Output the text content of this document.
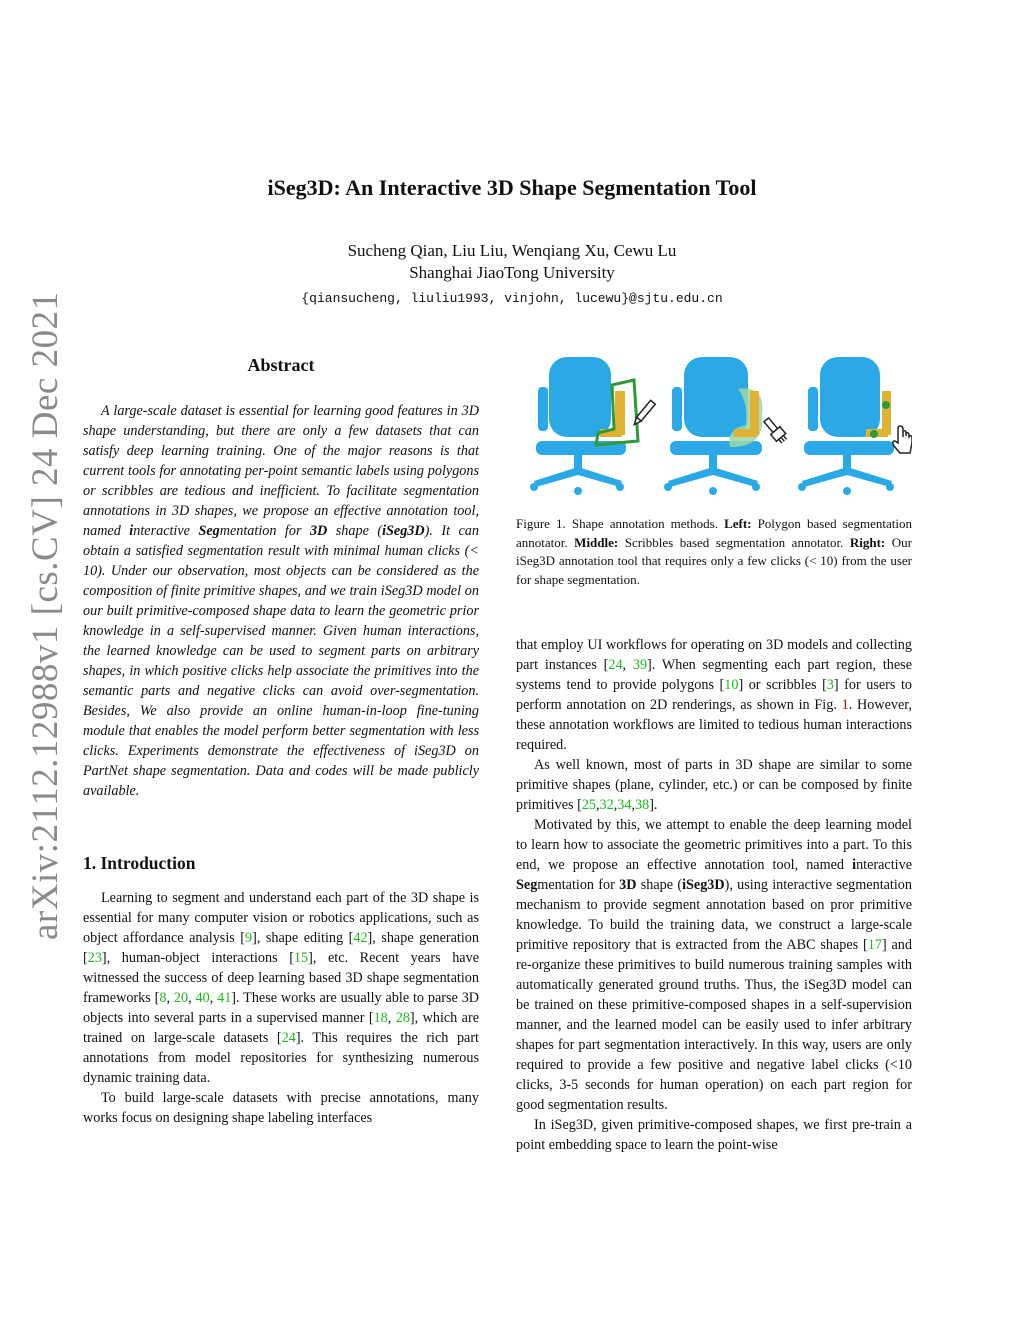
arXiv:2112.12988v1 [cs.CV] 24 Dec 2021
iSeg3D: An Interactive 3D Shape Segmentation Tool
Sucheng Qian, Liu Liu, Wenqiang Xu, Cewu Lu
Shanghai JiaoTong University
{qiansucheng, liuliu1993, vinjohn, lucewu}@sjtu.edu.cn
Abstract

A large-scale dataset is essential for learning good features in 3D shape understanding, but there are only a few datasets that can satisfy deep learning training. One of the major reasons is that current tools for annotating per-point semantic labels using polygons or scribbles are tedious and inefficient. To facilitate segmentation annotations in 3D shapes, we propose an effective annotation tool, named interactive Segmentation for 3D shape (iSeg3D). It can obtain a satisfied segmentation result with minimal human clicks (< 10). Under our observation, most objects can be considered as the composition of finite primitive shapes, and we train iSeg3D model on our built primitive-composed shape data to learn the geometric prior knowledge in a self-supervised manner. Given human interactions, the learned knowledge can be used to segment parts on arbitrary shapes, in which positive clicks help associate the primitives into the semantic parts and negative clicks can avoid over-segmentation. Besides, We also provide an online human-in-loop fine-tuning module that enables the model perform better segmentation with less clicks. Experiments demonstrate the effectiveness of iSeg3D on PartNet shape segmentation. Data and codes will be made publicly available.

1. Introduction

Learning to segment and understand each part of the 3D shape is essential for many computer vision or robotics applications, such as object affordance analysis [9], shape editing [42], shape generation [23], human-object interactions [15], etc. Recent years have witnessed the success of deep learning based 3D shape segmentation frameworks [8, 20, 40, 41]. These works are usually able to parse 3D objects into several parts in a supervised manner [18, 28], which are trained on large-scale datasets [24]. This requires the rich part annotations from model repositories for synthesizing numerous dynamic training data.

To build large-scale datasets with precise annotations, many works focus on designing shape labeling interfaces

Figure 1. Shape annotation methods. Left: Polygon based segmentation annotator. Middle: Scribbles based segmentation annotator. Right: Our iSeg3D annotation tool that requires only a few clicks (< 10) from the user for shape segmentation.

that employ UI workflows for operating on 3D models and collecting part instances [24, 39]. When segmenting each part region, these systems tend to provide polygons [10] or scribbles [3] for users to perform annotation on 2D renderings, as shown in Fig. 1. However, these annotation workflows are limited to tedious human interactions required.

As well known, most of parts in 3D shape are similar to some primitive shapes (plane, cylinder, etc.) or can be composed by finite primitives [25,32,34,38].

Motivated by this, we attempt to enable the deep learning model to learn how to associate the geometric primitives into a part. To this end, we propose an effective annotation tool, named interactive Segmentation for 3D shape (iSeg3D), using interactive segmentation mechanism to provide segment annotation based on pror primitive knowledge. To build the training data, we construct a large-scale primitive repository that is extracted from the ABC shapes [17] and re-organize these primitives to build numerous training samples with automatically generated ground truths. Thus, the iSeg3D model can be trained on these primitive-composed shapes in a self-supervision manner, and the learned model can be easily used to infer arbitrary shapes for part segmentation interactively. In this way, users are only required to provide a few positive and negative label clicks (<10 clicks, 3-5 seconds for human operation) on each part region for good segmentation results.

In iSeg3D, given primitive-composed shapes, we first pre-train a point embedding space to learn the point-wise
